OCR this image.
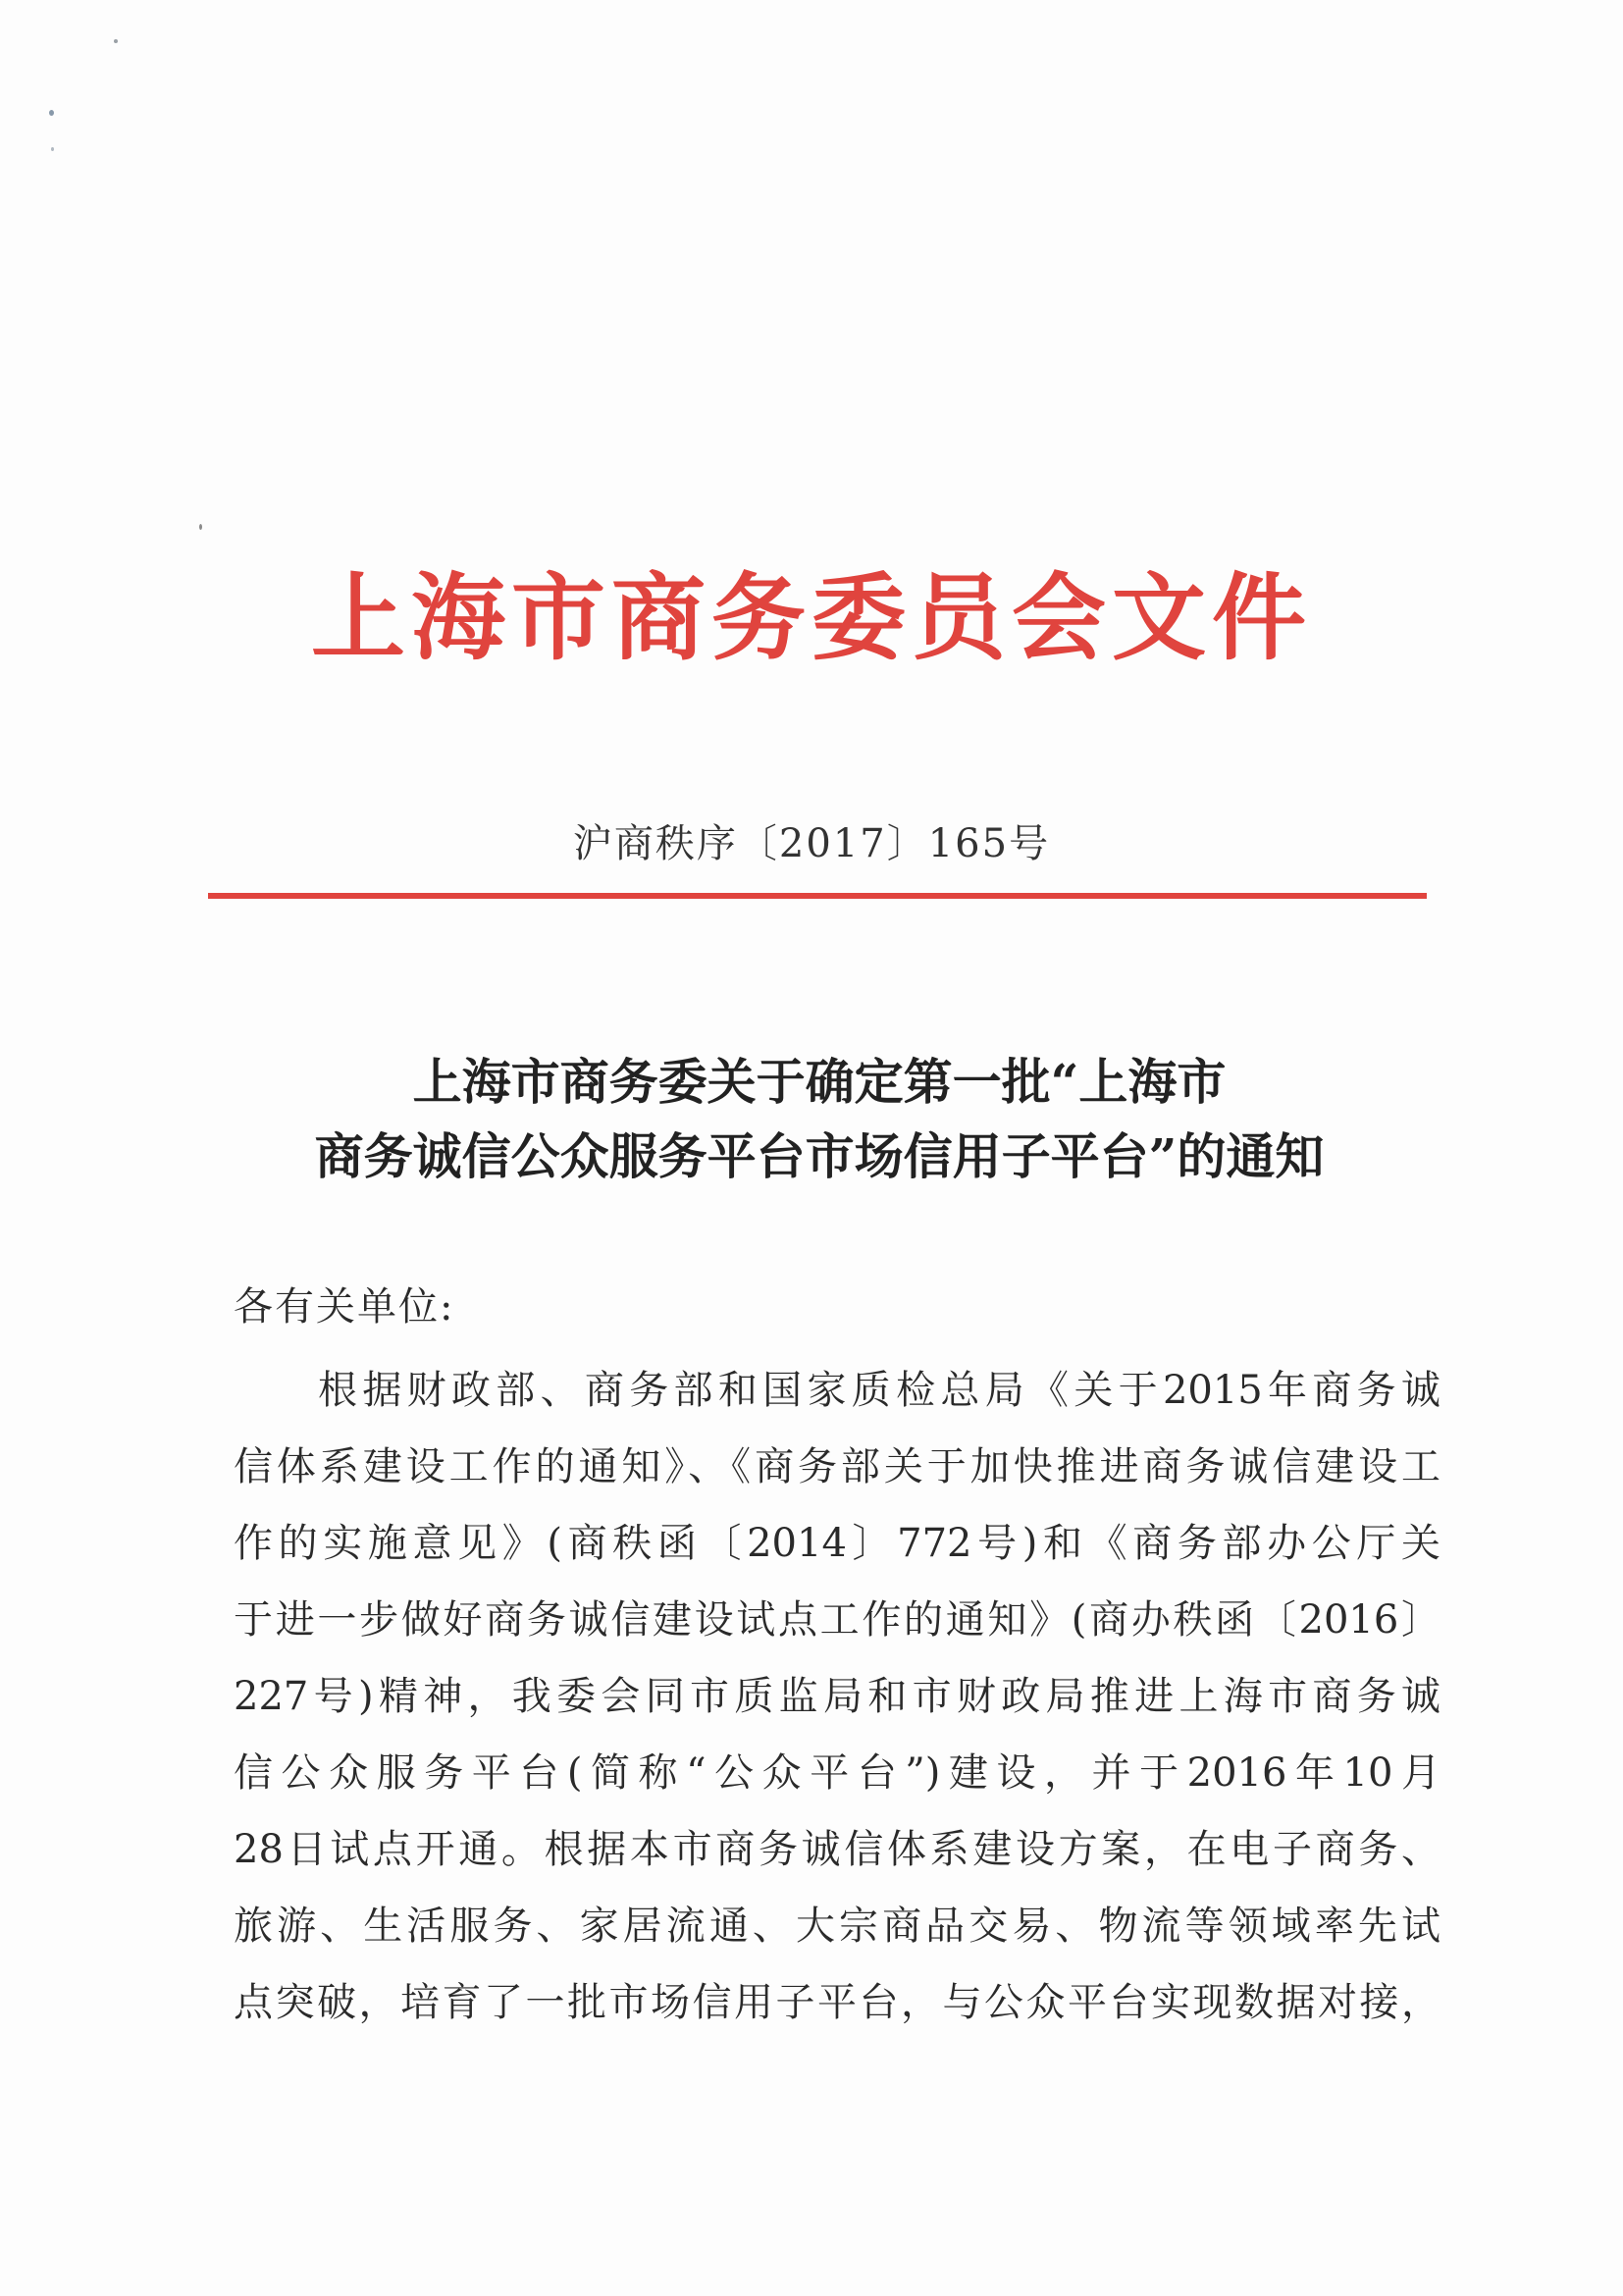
上海市商务委员会文件
沪商秩序〔2017〕165号
上海市商务委关于确定第一批“上海市
商务诚信公众服务平台市场信用子平台”的通知
各有关单位:
根据财政部、商务部和国家质检总局《关于2015年商务诚
信体系建设工作的通知》、《商务部关于加快推进商务诚信建设工
作的实施意见》(商秩函〔2014〕772号)和《商务部办公厅关
于进一步做好商务诚信建设试点工作的通知》(商办秩函〔2016〕
227号)精神，我委会同市质监局和市财政局推进上海市商务诚
信公众服务平台(简称“公众平台”)建设，并于2016年10月
28日试点开通。根据本市商务诚信体系建设方案，在电子商务、
旅游、生活服务、家居流通、大宗商品交易、物流等领域率先试
点突破，培育了一批市场信用子平台，与公众平台实现数据对接，
